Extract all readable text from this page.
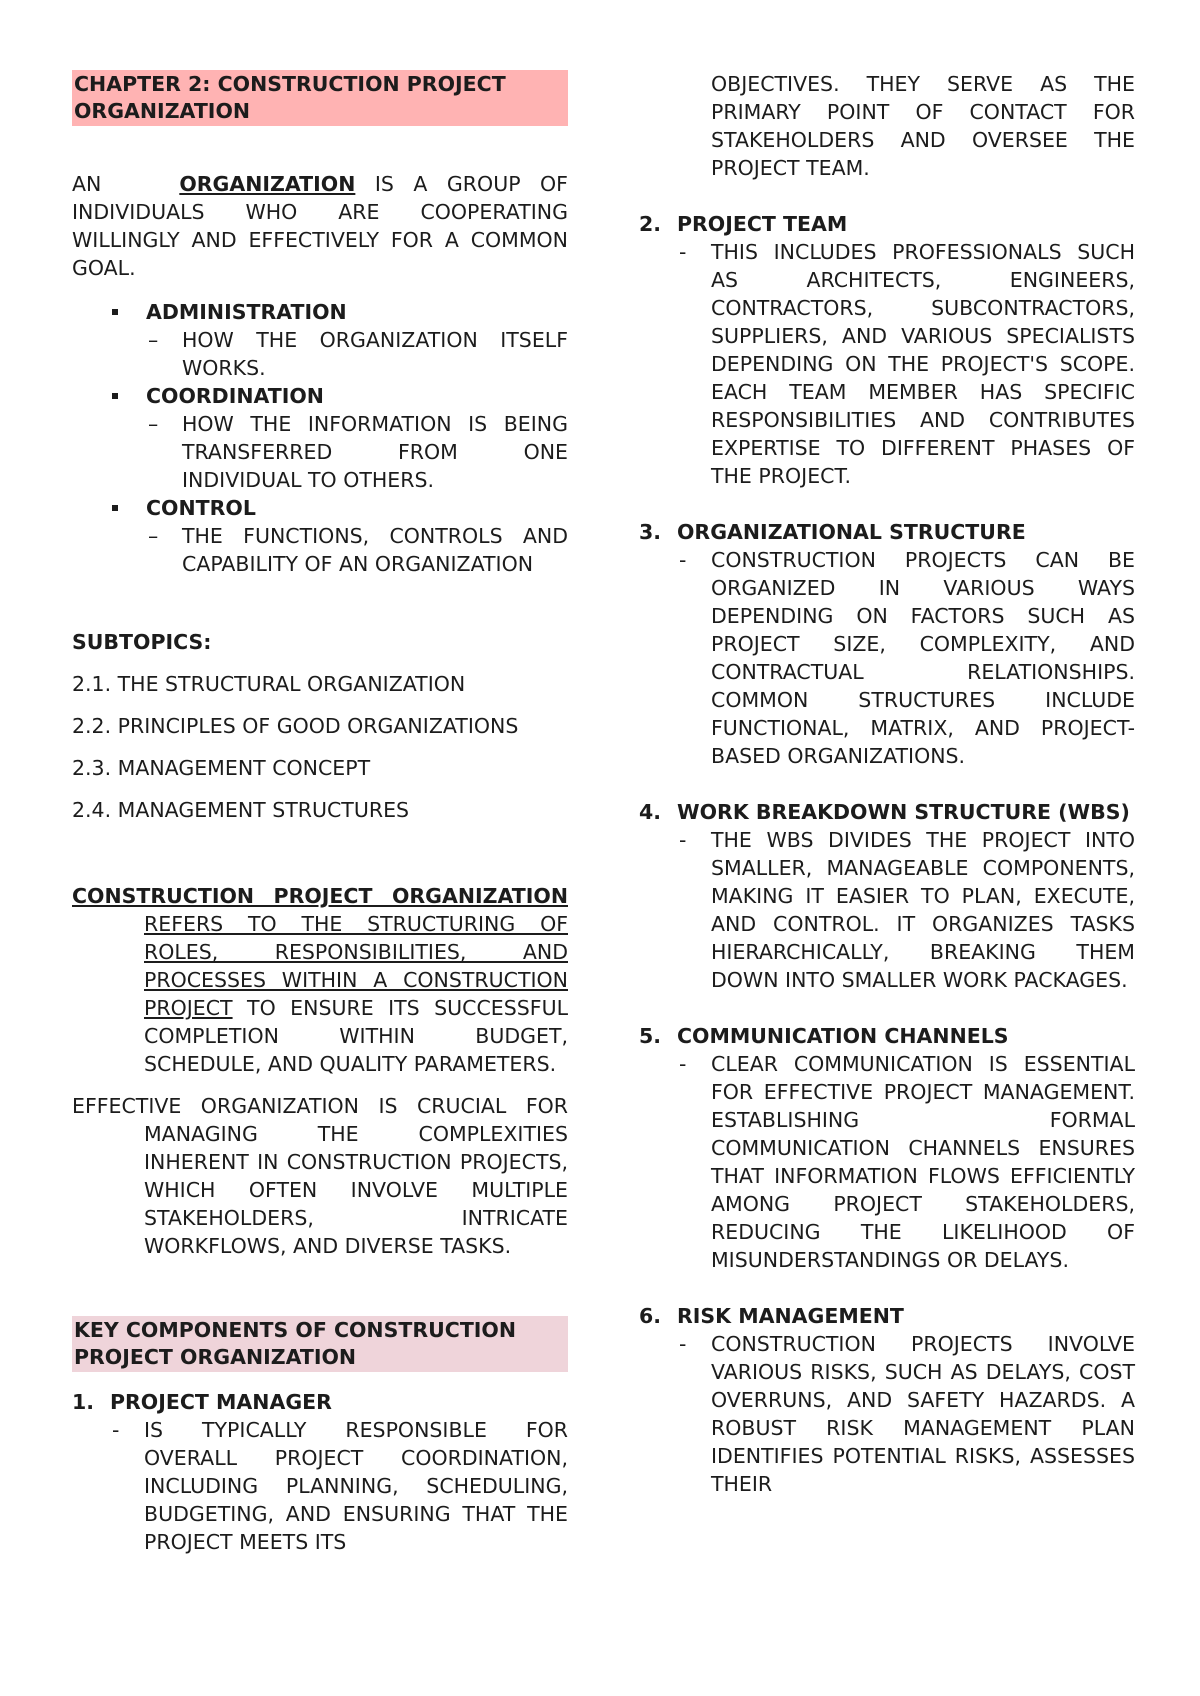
CHAPTER 2: CONSTRUCTION PROJECT ORGANIZATION

AN	ORGANIZATION IS A GROUP OF INDIVIDUALS WHO ARE COOPERATING WILLINGLY AND EFFECTIVELY FOR A COMMON GOAL.

ADMINISTRATION
– HOW THE ORGANIZATION ITSELF WORKS.
COORDINATION
– HOW THE INFORMATION IS BEING TRANSFERRED FROM ONE INDIVIDUAL TO OTHERS.
CONTROL
– THE FUNCTIONS, CONTROLS AND CAPABILITY OF AN ORGANIZATION
SUBTOPICS:
2.1. THE STRUCTURAL ORGANIZATION
2.2. PRINCIPLES OF GOOD ORGANIZATIONS
2.3. MANAGEMENT CONCEPT
2.4. MANAGEMENT STRUCTURES

CONSTRUCTION PROJECT ORGANIZATION REFERS TO THE STRUCTURING OF ROLES, RESPONSIBILITIES, AND PROCESSES WITHIN A CONSTRUCTION PROJECT TO ENSURE ITS SUCCESSFUL COMPLETION WITHIN BUDGET, SCHEDULE, AND QUALITY PARAMETERS.

EFFECTIVE ORGANIZATION IS CRUCIAL FOR MANAGING THE COMPLEXITIES INHERENT IN CONSTRUCTION PROJECTS, WHICH OFTEN INVOLVE MULTIPLE STAKEHOLDERS, INTRICATE WORKFLOWS, AND DIVERSE TASKS.

KEY COMPONENTS OF CONSTRUCTION PROJECT ORGANIZATION
1. PROJECT MANAGER
- IS TYPICALLY RESPONSIBLE FOR OVERALL PROJECT COORDINATION, INCLUDING PLANNING, SCHEDULING, BUDGETING, AND ENSURING THAT THE PROJECT MEETS ITS
OBJECTIVES. THEY SERVE AS THE PRIMARY POINT OF CONTACT FOR STAKEHOLDERS AND OVERSEE THE PROJECT TEAM.
2. PROJECT TEAM
- THIS INCLUDES PROFESSIONALS SUCH AS ARCHITECTS, ENGINEERS, CONTRACTORS, SUBCONTRACTORS, SUPPLIERS, AND VARIOUS SPECIALISTS DEPENDING ON THE PROJECT'S SCOPE. EACH TEAM MEMBER HAS SPECIFIC RESPONSIBILITIES AND CONTRIBUTES EXPERTISE TO DIFFERENT PHASES OF THE PROJECT.
3. ORGANIZATIONAL STRUCTURE
- CONSTRUCTION PROJECTS CAN BE ORGANIZED IN VARIOUS WAYS DEPENDING ON FACTORS SUCH AS PROJECT SIZE, COMPLEXITY, AND CONTRACTUAL RELATIONSHIPS. COMMON STRUCTURES INCLUDE FUNCTIONAL, MATRIX, AND PROJECT-BASED ORGANIZATIONS.
4. WORK BREAKDOWN STRUCTURE (WBS)
- THE WBS DIVIDES THE PROJECT INTO SMALLER, MANAGEABLE COMPONENTS, MAKING IT EASIER TO PLAN, EXECUTE, AND CONTROL. IT ORGANIZES TASKS HIERARCHICALLY, BREAKING THEM DOWN INTO SMALLER WORK PACKAGES.
5. COMMUNICATION CHANNELS
- CLEAR COMMUNICATION IS ESSENTIAL FOR EFFECTIVE PROJECT MANAGEMENT. ESTABLISHING FORMAL COMMUNICATION CHANNELS ENSURES THAT INFORMATION FLOWS EFFICIENTLY AMONG PROJECT STAKEHOLDERS, REDUCING THE LIKELIHOOD OF MISUNDERSTANDINGS OR DELAYS.
6. RISK MANAGEMENT
- CONSTRUCTION PROJECTS INVOLVE VARIOUS RISKS, SUCH AS DELAYS, COST OVERRUNS, AND SAFETY HAZARDS. A ROBUST RISK MANAGEMENT PLAN IDENTIFIES POTENTIAL RISKS, ASSESSES THEIR
